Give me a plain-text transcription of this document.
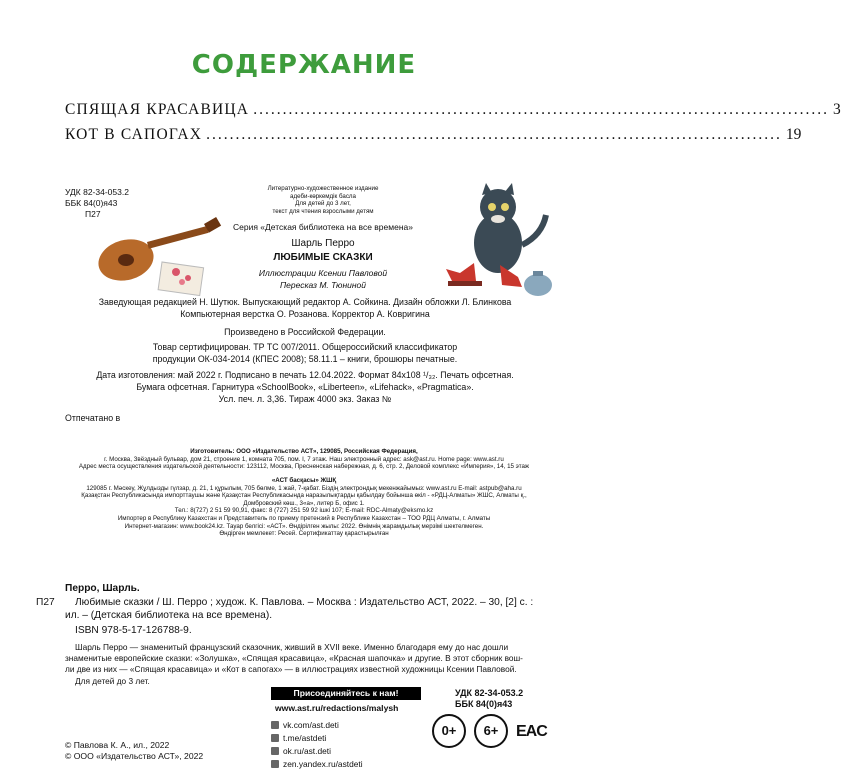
СОДЕРЖАНИЕ
СПЯЩАЯ КРАСАВИЦА .................................................................................................. 3
КОТ В САПОГАХ .................................................................................................. 19
УДК 82-34-053.2
ББК 84(0)я43
П27
Литературно-художественное издание
адеби-көркемдік басла
Для детей до 3 лет,
текст для чтения взрослыми детям
Серия «Детская библиотека на все времена»
Шарль Перро
ЛЮБИМЫЕ СКАЗКИ
Иллюстрации Ксении Павловой
Пересказ М. Тюниной
Заведующая редакцией Н. Шутюк. Выпускающий редактор А. Сойкина. Дизайн обложки Л. Блинкова
Компьютерная верстка О. Розанова. Корректор А. Ковригина
Произведено в Российской Федерации.
Товар сертифицирован. ТР ТС 007/2011. Общероссийский классификатор
продукции ОК-034-2014 (КПЕС 2008); 58.11.1 – книги, брошюры печатные.
Дата изготовления: май 2022 г. Подписано в печать 12.04.2022. Формат 84х108 ¹/₃₂. Печать офсетная.
Бумага офсетная. Гарнитура «SchoolBook», «Libertеen», «Lifehack», «Pragmatica».
Усл. печ. л. 3,36. Тираж 4000 экз. Заказ №
Отпечатано в
Изготовитель: ООО «Издательство АСТ», 129085, Российская Федерация,
г. Москва, Звёздный бульвар, дом 21, строение 1, комната 705, пом. I, 7 этаж. Наш электронный адрес: ask@ast.ru. Home page: www.ast.ru
Адрес места осуществления издательской деятельности: 123112, Москва, Пресненская набережная, д. 6, стр. 2, Деловой комплекс «Империя», 14, 15 этаж
«АСТ басқасы» ЖШҚ
129085 г. Мәскеу, Жұлдызды гүлзар, д. 21, 1 құрылым, 705 бөлме, 1 жай, 7-қабат. Біздің электрондық мекенжайымыз: www.ast.ru E-mail: astpub@aha.ru
Қазақстан Республикасында импорттаушы және Қазақстан Республикасында наразылықтарды қабылдау бойынша өкіл - «РДЦ-Алматы» ЖШС, Алматы қ.,
Домбровский көш., 3«а», литер Б, офис 1.
Тел.: 8(727) 2 51 59 90,91, факс: 8 (727) 251 59 92 ішкі 107; E-mail: RDC-Almaty@eksmo.kz
Импортер в Республику Казахстан и Представитель по приему претензий в Республике Казахстан – ТОО РДЦ Алматы, г. Алматы
Интернет-магазин: www.book24.kz. Тауар белгісі: «АСТ». Өндірілген жылы: 2022. Өнімнің жарамдылық мерзімі шектелмеген.
Өндірген мемлекет: Ресей. Сертификаттау қарастырылған
Перро, Шарль.
П27 Любимые сказки / Ш. Перро ; худож. К. Павлова. – Москва : Издательство АСТ, 2022. – 30, [2] с. :
ил. – (Детская библиотека на все времена).
ISBN 978-5-17-126788-9.
Шарль Перро — знаменитый французский сказочник, живший в XVII веке. Именно благодаря ему до нас дошли
знаменитые европейские сказки: «Золушка», «Спящая красавица», «Красная шапочка» и другие. В этот сборник вош-
ли две из них — «Спящая красавица» и «Кот в сапогах» — в иллюстрациях известной художницы Ксении Павловой.
Для детей до 3 лет.
УДК 82-34-053.2
ББК 84(0)я43
Присоединяйтесь к нам!
www.ast.ru/redactions/malysh
vk.com/ast.deti
t.me/astdeti
ok.ru/ast.deti
zen.yandex.ru/astdeti
© Павлова К. А., ил., 2022
© ООО «Издательство АСТ», 2022
0+	6+	EAC
